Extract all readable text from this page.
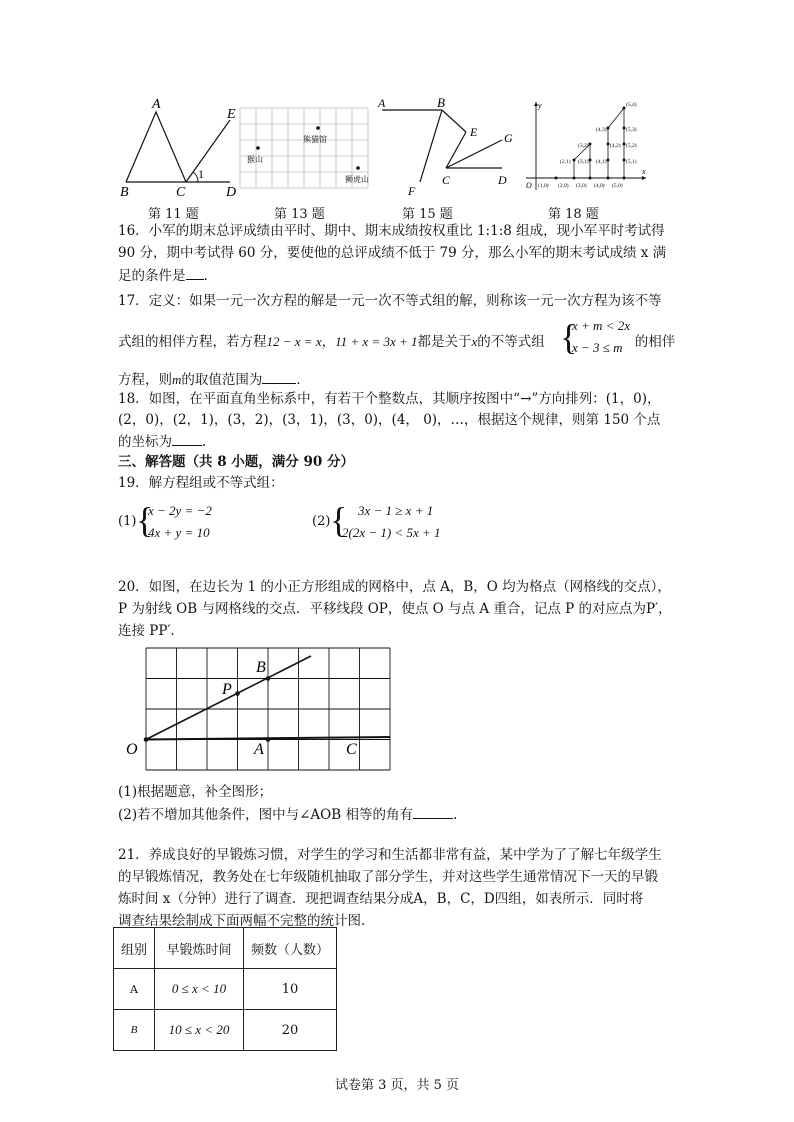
A
B	C	D
E
1
第 11 题
熊猫馆
猴山
狮虎山
第 13 题
A	B
E G
C	D
F
第 15 题
y
x
O (1,0) (2,0) (3,0) (4,0) (5,0)
(2,1) (3,1) (4,1)	(5,1)
(3,2)	(4,2) (5,2)
(4,3)	(5,3)
(5,4)
第 18 题
16．小军的期末总评成绩由平时、期中、期末成绩按权重比 1:1:8 组成，现小军平时考试得
90 分，期中考试得 60 分，要使他的总评成绩不低于 79 分，那么小军的期末考试成绩 x 满
足的条件是 .
17．定义：如果一元一次方程的解是一元一次不等式组的解，则称该一元一次方程为该不等
式组的相伴方程，若方程12 − x = x，11 + x = 3x + 1都是关于x的不等式组	的相伴
{
x + m < 2x
x − 3 ≤ m
方程，则m的取值范围为	．
18．如图，在平面直角坐标系中，有若干个整数点，其顺序按图中“→”方向排列：(1，0)，
(2，0)，(2，1)，(3，2)，(3，1)，(3，0)，(4， 0)，…，根据这个规律，则第 150 个点
的坐标为 .
三、解答题（共 8 小题，满分 90 分）
19．解方程组或不等式组：
(1) {
x − 2y = −2
4x + y = 10
(2) { 3x − 1 ≥ x + 1
2(2x − 1) < 5x + 1
20．如图，在边长为 1 的小正方形组成的网格中，点 A，B，O 均为格点（网格线的交点），
P 为射线 OB 与网格线的交点．平移线段 OP，使点 O 与点 A 重合，记点 P 的对应点为P′，
连接 PP′．
O	A
B
P
C
(1)根据题意，补全图形；
(2)若不增加其他条件，图中与∠AOB 相等的角有	.
21．养成良好的早锻炼习惯，对学生的学习和生活都非常有益，某中学为了了解七年级学生
的早锻炼情况，教务处在七年级随机抽取了部分学生，并对这些学生通常情况下一天的早锻
炼时间 x（分钟）进行了调查．现把调查结果分成A，B，C，D四组，如表所示．同时将
调查结果绘制成下面两幅不完整的统计图．
组别	早锻炼时间	频数（人数）
A	0 ≤ x < 10	10
B	10 ≤ x < 20	20
试卷第 3 页，共 5 页
